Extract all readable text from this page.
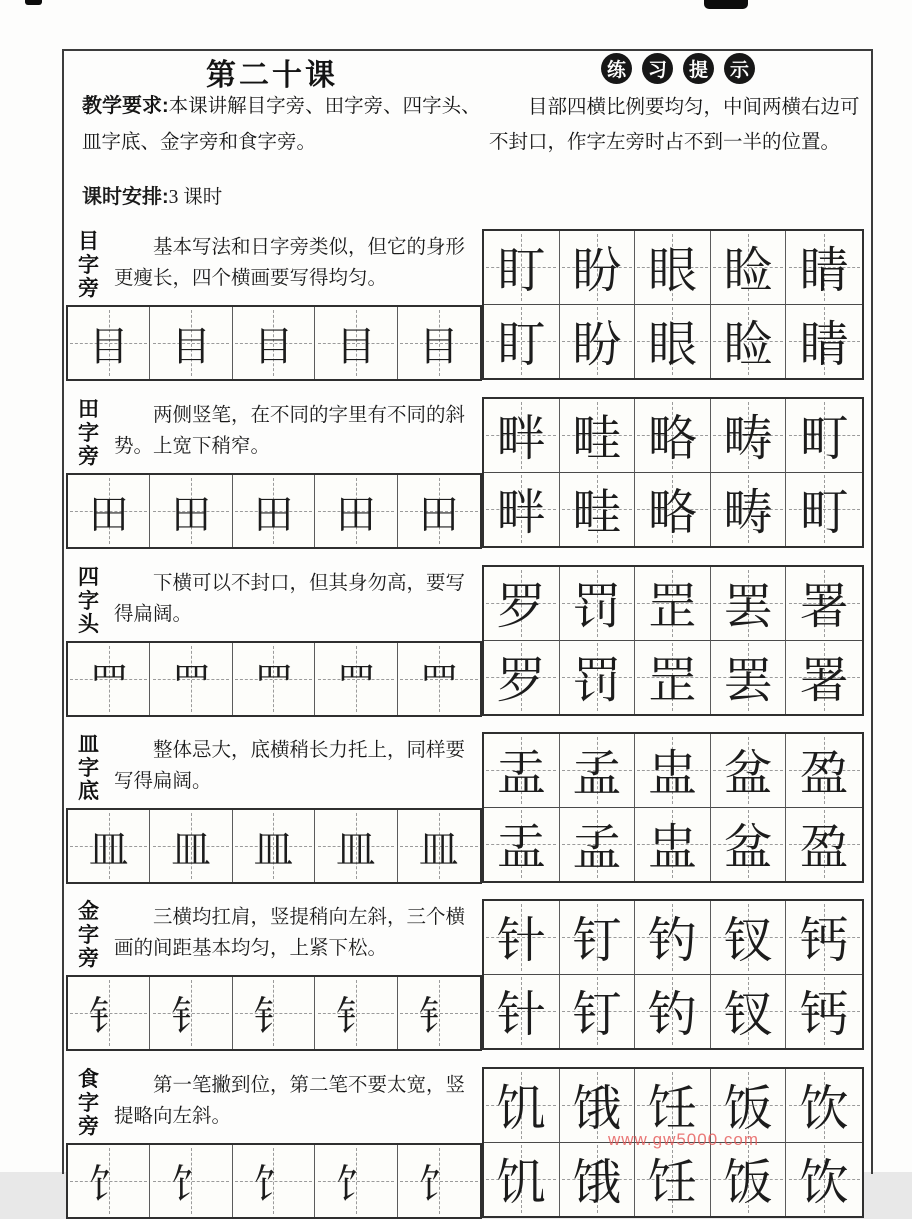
第二十课	练	习	提	示

教学要求:本课讲解目字旁、田字旁、四字头、皿字底、金字旁和食字旁。

目部四横比例要均匀，中间两横右边可不封口，作字左旁时占不到一半的位置。

课时安排:3 课时

目
字
旁

基本写法和日字旁类似，但它的身形更瘦长，四个横画要写得均匀。

目 目 目 目 目
盯 盼 眼 睑 睛
盯 盼 眼 睑 睛
田
字
旁

两侧竖笔，在不同的字里有不同的斜势。上宽下稍窄。

田 田 田 田 田
畔 畦 略 畴 町
畔 畦 略 畴 町
四
字
头

下横可以不封口，但其身勿高，要写得扁阔。

罒 罒 罒 罒 罒
罗 罚 罡 罢 署
罗 罚 罡 罢 署
皿
字
底

整体忌大，底横稍长力托上，同样要写得扁阔。

皿 皿 皿 皿 皿
盂 孟 盅 盆 盈
盂 孟 盅 盆 盈
金
字
旁

三横均扛肩，竖提稍向左斜，三个横画的间距基本均匀，上紧下松。

钅 钅 钅 钅 钅
针 钉 钓 钗 钙
针 钉 钓 钗 钙
食
字
旁

第一笔撇到位，第二笔不要太宽，竖提略向左斜。

饣 饣 饣 饣 饣
饥 饿 饪 饭 饮
饥 饿 饪 饭 饮
www.gw5000.com
